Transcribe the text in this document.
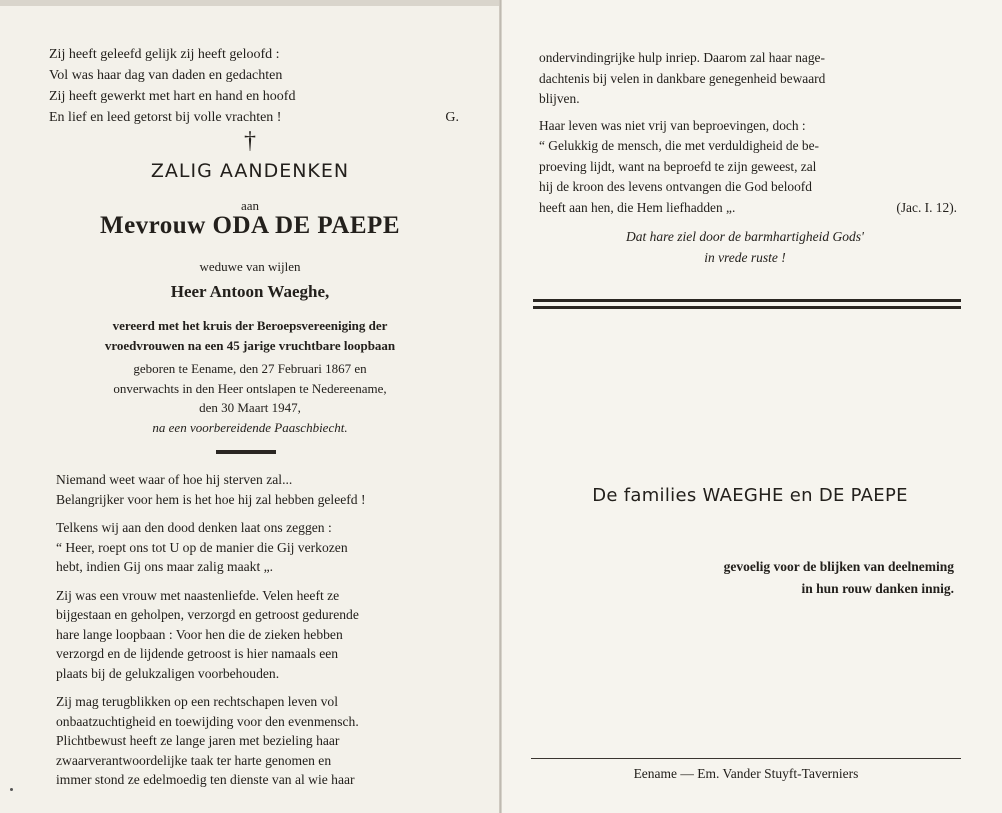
Zij heeft geleefd gelijk zij heeft geloofd :
Vol was haar dag van daden en gedachten
Zij heeft gewerkt met hart en hand en hoofd
En lief en leed getorst bij volle vrachten !	G.
†
ZALIG AANDENKEN
aan
Mevrouw ODA DE PAEPE
weduwe van wijlen
Heer Antoon Waeghe,
vereerd met het kruis der Beroepsvereeniging der
vroedvrouwen na een 45 jarige vruchtbare loopbaan
geboren te Eename, den 27 Februari 1867 en
onverwachts in den Heer ontslapen te Nedereename,
den 30 Maart 1947,
na een voorbereidende Paaschbiecht.

Niemand weet waar of hoe hij sterven zal...
Belangrijker voor hem is het hoe hij zal hebben geleefd !

Telkens wij aan den dood denken laat ons zeggen :
“ Heer, roept ons tot U op de manier die Gij verkozen
hebt, indien Gij ons maar zalig maakt „.

Zij was een vrouw met naastenliefde. Velen heeft ze
bijgestaan en geholpen, verzorgd en getroost gedurende
hare lange loopbaan : Voor hen die de zieken hebben
verzorgd en de lijdende getroost is hier namaals een
plaats bij de gelukzaligen voorbehouden.

Zij mag terugblikken op een rechtschapen leven vol
onbaatzuchtigheid en toewijding voor den evenmensch.
Plichtbewust heeft ze lange jaren met bezieling haar
zwaarverantwoordelijke taak ter harte genomen en
immer stond ze edelmoedig ten dienste van al wie haar

ondervindingrijke hulp inriep. Daarom zal haar nage-
dachtenis bij velen in dankbare genegenheid bewaard
blijven.

Haar leven was niet vrij van beproevingen, doch :
“ Gelukkig de mensch, die met verduldigheid de be-
proeving lijdt, want na beproefd te zijn geweest, zal
hij de kroon des levens ontvangen die God beloofd
heeft aan hen, die Hem liefhadden „.	(Jac. I. 12).

Dat hare ziel door de barmhartigheid Gods'
in vrede ruste !
De families WAEGHE en DE PAEPE
gevoelig voor de blijken van deelneming
in hun rouw danken innig.
Eename — Em. Vander Stuyft-Taverniers
